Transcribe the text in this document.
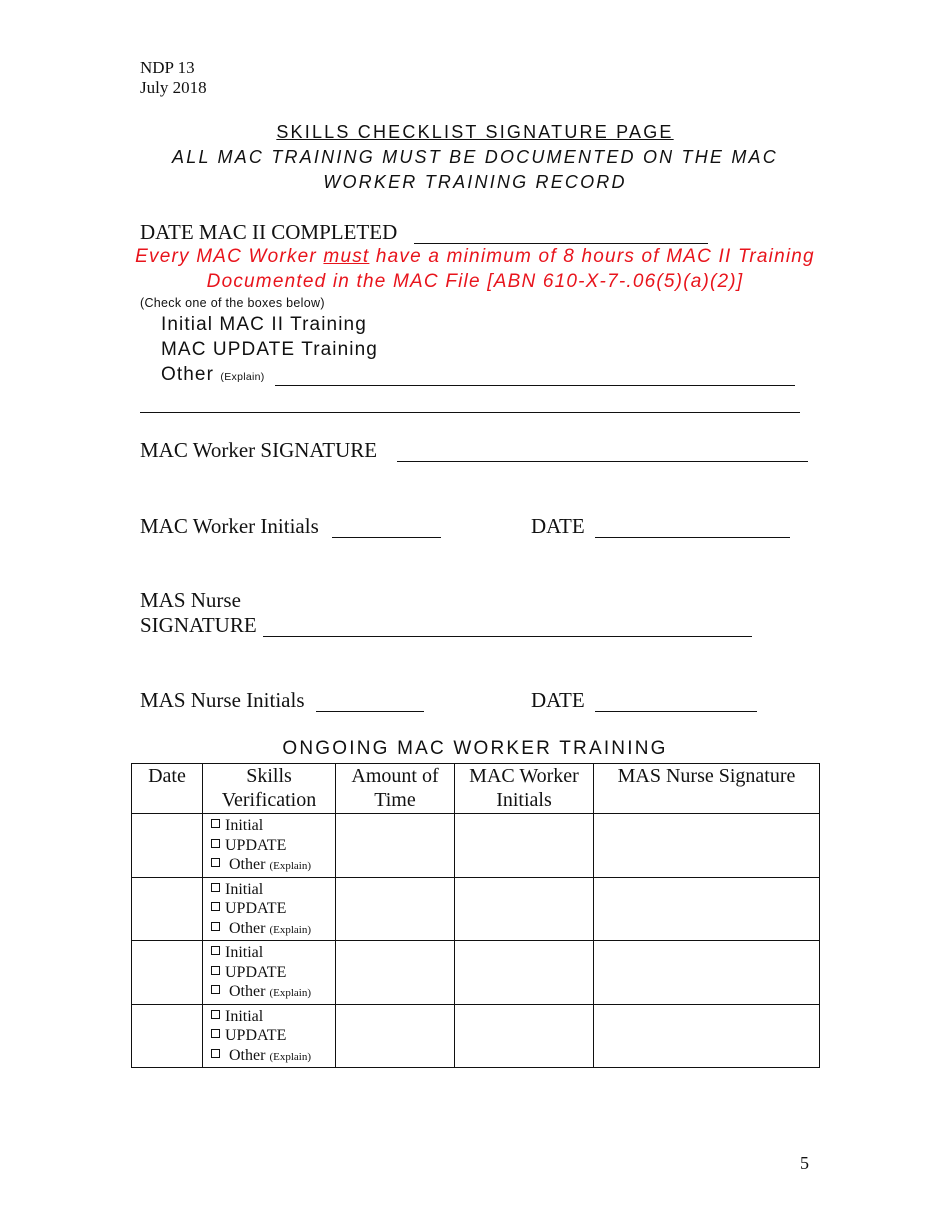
NDP 13
July 2018
SKILLS CHECKLIST SIGNATURE PAGE
ALL MAC TRAINING MUST BE DOCUMENTED ON THE MAC
WORKER TRAINING RECORD
DATE MAC II COMPLETED
Every MAC Worker must have a minimum of 8 hours of MAC II Training
Documented in the MAC File [ABN 610-X-7-.06(5)(a)(2)]
(Check one of the boxes below)
Initial MAC II Training
MAC UPDATE Training
Other (Explain)
MAC Worker SIGNATURE
MAC Worker Initials	DATE
MAS Nurse
SIGNATURE
MAS Nurse Initials	DATE
ONGOING MAC WORKER TRAINING
Date	Skills Verification	Amount of Time	MAC Worker Initials	MAS Nurse Signature

	Initial
UPDATE
Other (Explain)			

	Initial
UPDATE
Other (Explain)			

	Initial
UPDATE
Other (Explain)			

	Initial
UPDATE
Other (Explain)			

5
